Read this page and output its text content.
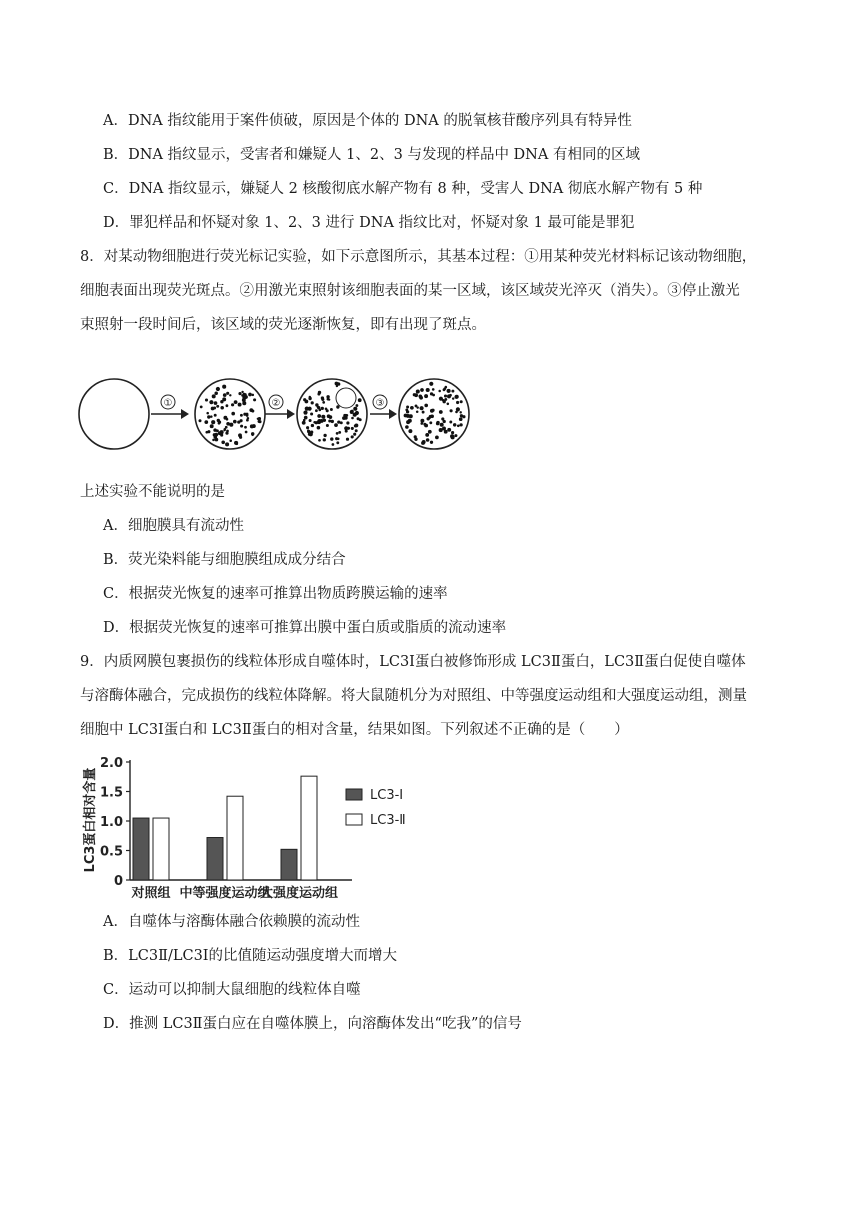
A．DNA 指纹能用于案件侦破，原因是个体的 DNA 的脱氧核苷酸序列具有特异性
B．DNA 指纹显示，受害者和嫌疑人 1、2、3 与发现的样品中 DNA 有相同的区域
C．DNA 指纹显示，嫌疑人 2 核酸彻底水解产物有 8 种，受害人 DNA 彻底水解产物有 5 种
D．罪犯样品和怀疑对象 1、2、3 进行 DNA 指纹比对，怀疑对象 1 最可能是罪犯
8．对某动物细胞进行荧光标记实验，如下示意图所示，其基本过程：①用某种荧光材料标记该动物细胞，
细胞表面出现荧光斑点。②用激光束照射该细胞表面的某一区域，该区域荧光淬灭（消失）。③停止激光
束照射一段时间后，该区域的荧光逐渐恢复，即有出现了斑点。
①	②	③
上述实验不能说明的是
A．细胞膜具有流动性
B．荧光染料能与细胞膜组成成分结合
C．根据荧光恢复的速率可推算出物质跨膜运输的速率
D．根据荧光恢复的速率可推算出膜中蛋白质或脂质的流动速率
9．内质网膜包裹损伤的线粒体形成自噬体时，LC3Ⅰ蛋白被修饰形成 LC3Ⅱ蛋白，LC3Ⅱ蛋白促使自噬体
与溶酶体融合，完成损伤的线粒体降解。将大鼠随机分为对照组、中等强度运动组和大强度运动组，测量
细胞中 LC3Ⅰ蛋白和 LC3Ⅱ蛋白的相对含量，结果如图。下列叙述不正确的是（　　）
LC3蛋白相对含量
0
0.5
1.0
1.5
2.0
对照组 中等强度运动组
大强度运动组
LC3-Ⅰ
LC3-Ⅱ
A．自噬体与溶酶体融合依赖膜的流动性
B．LC3Ⅱ/LC3Ⅰ的比值随运动强度增大而增大
C．运动可以抑制大鼠细胞的线粒体自噬
D．推测 LC3Ⅱ蛋白应在自噬体膜上，向溶酶体发出“吃我”的信号
